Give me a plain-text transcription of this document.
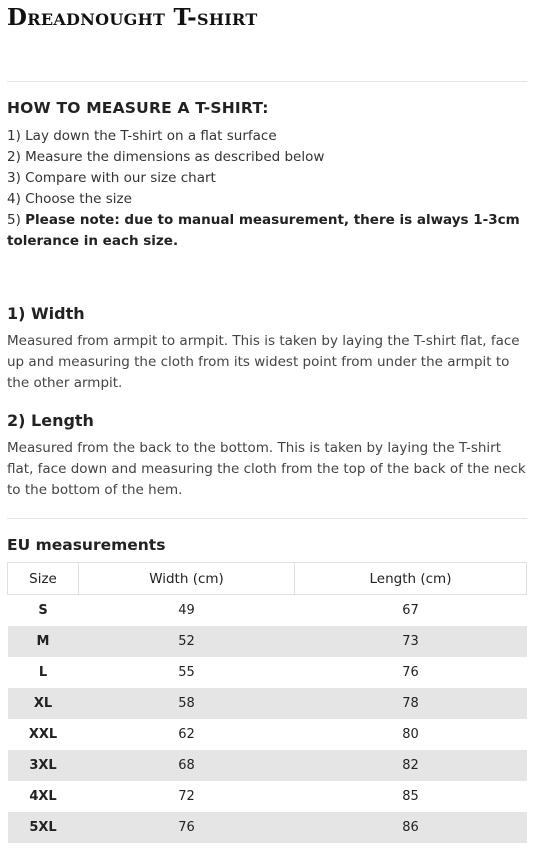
Dreadnought T-shirt
HOW TO MEASURE A T-SHIRT:
1) Lay down the T-shirt on a flat surface
2) Measure the dimensions as described below
3) Compare with our size chart
4) Choose the size
5) Please note: due to manual measurement, there is always 1-3cm tolerance in each size.
1) Width

Measured from armpit to armpit. This is taken by laying the T-shirt flat, face up and measuring the cloth from its widest point from under the armpit to the other armpit.

2) Length

Measured from the back to the bottom. This is taken by laying the T-shirt flat, face down and measuring the cloth from the top of the back of the neck to the bottom of the hem.

EU measurements
Size	Width (cm)	Length (cm)
S	49	67
M	52	73
L	55	76
XL	58	78
XXL	62	80
3XL	68	82
4XL	72	85
5XL	76	86
